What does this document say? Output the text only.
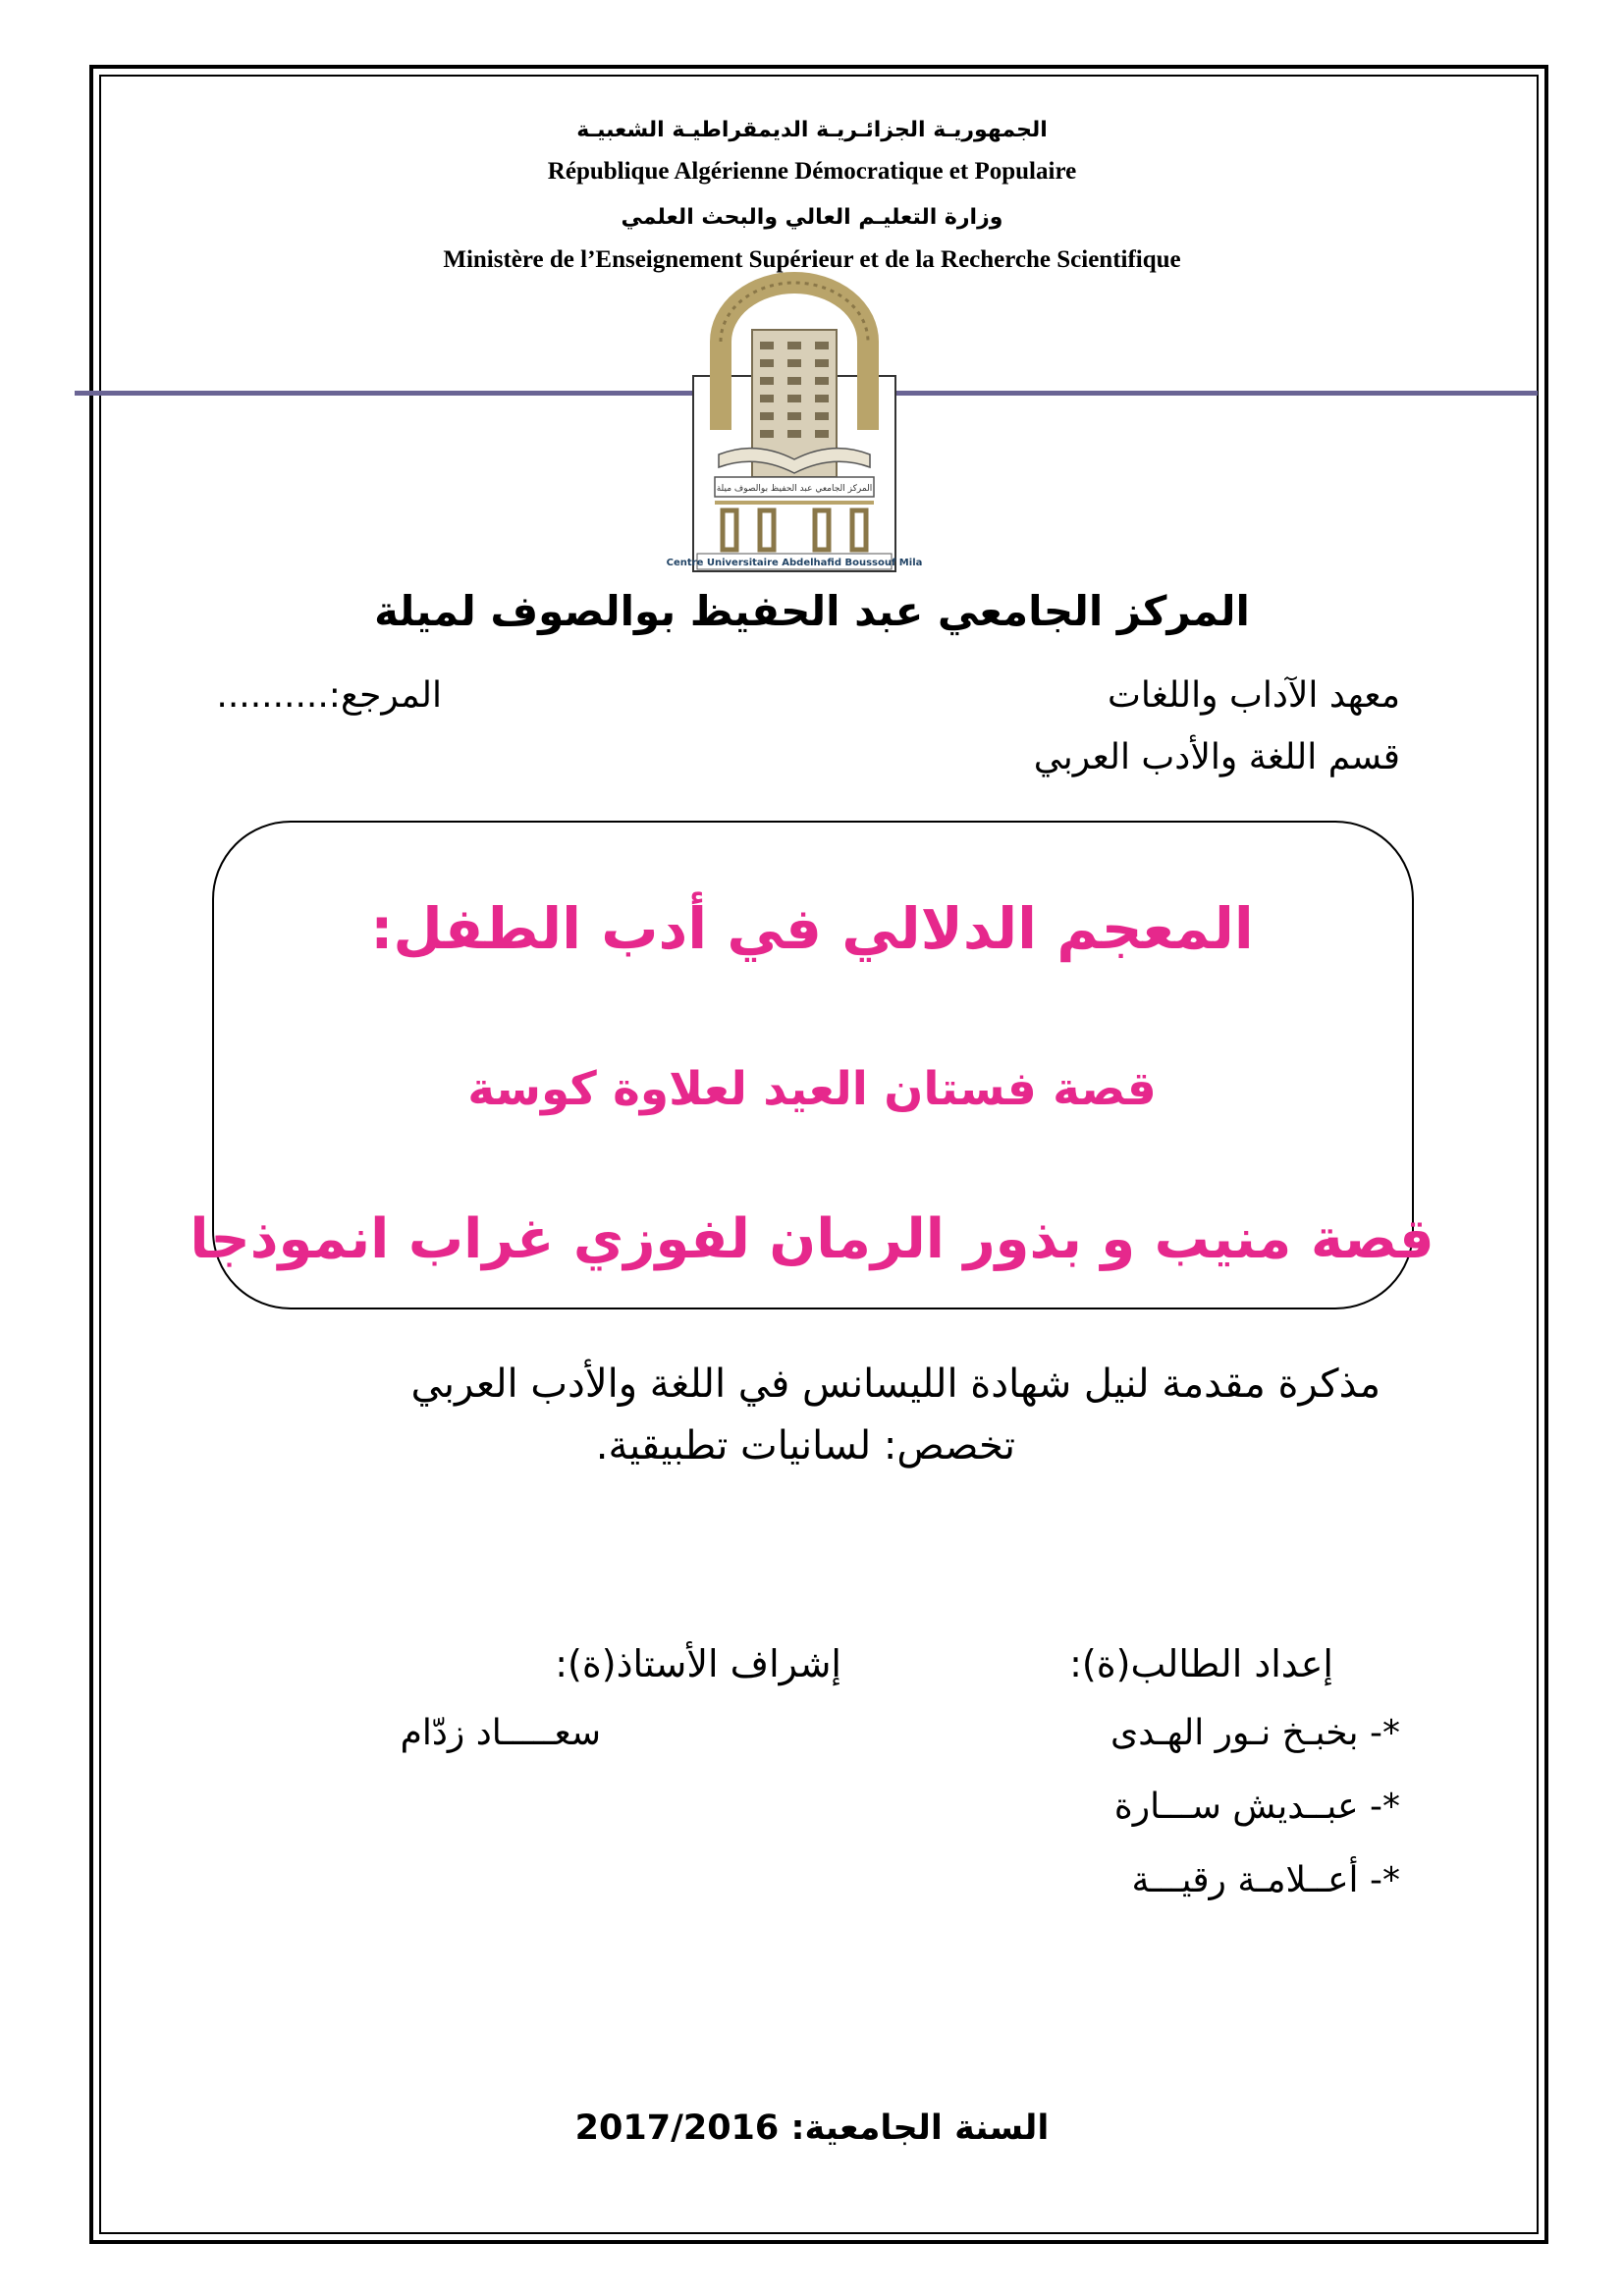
الجمهوريـة الجزائـريـة الديمقراطيـة الشعبيـة
République Algérienne Démocratique et Populaire
وزارة التعليـم العالي والبحث العلمي
Ministère de l’Enseignement Supérieur et de la Recherche Scientifique
المركز الجامعي عبد الحفيظ بوالصوف ميلة
Centre Universitaire Abdelhafid Boussouf Mila
المركز الجامعي عبد الحفيظ بوالصوف لميلة
معهد الآداب واللغات
المرجع:..........
قسم اللغة والأدب العربي
المعجم الدلالي في أدب الطفل:
قصة فستان العيد لعلاوة كوسة
قصة منيب و بذور الرمان لفوزي غراب انموذجا
مذكرة مقدمة لنيل شهادة الليسانس في اللغة والأدب العربي
تخصص: لسانيات تطبيقية.
إعداد الطالب(ة):
إشراف الأستاذ(ة):
*- بخبـخ نـور الهـدى
سعـــــاد زدّام
*- عبــديش ســـارة
*- أعــلامـة رقيـــة
السنة الجامعية: 2017/2016
